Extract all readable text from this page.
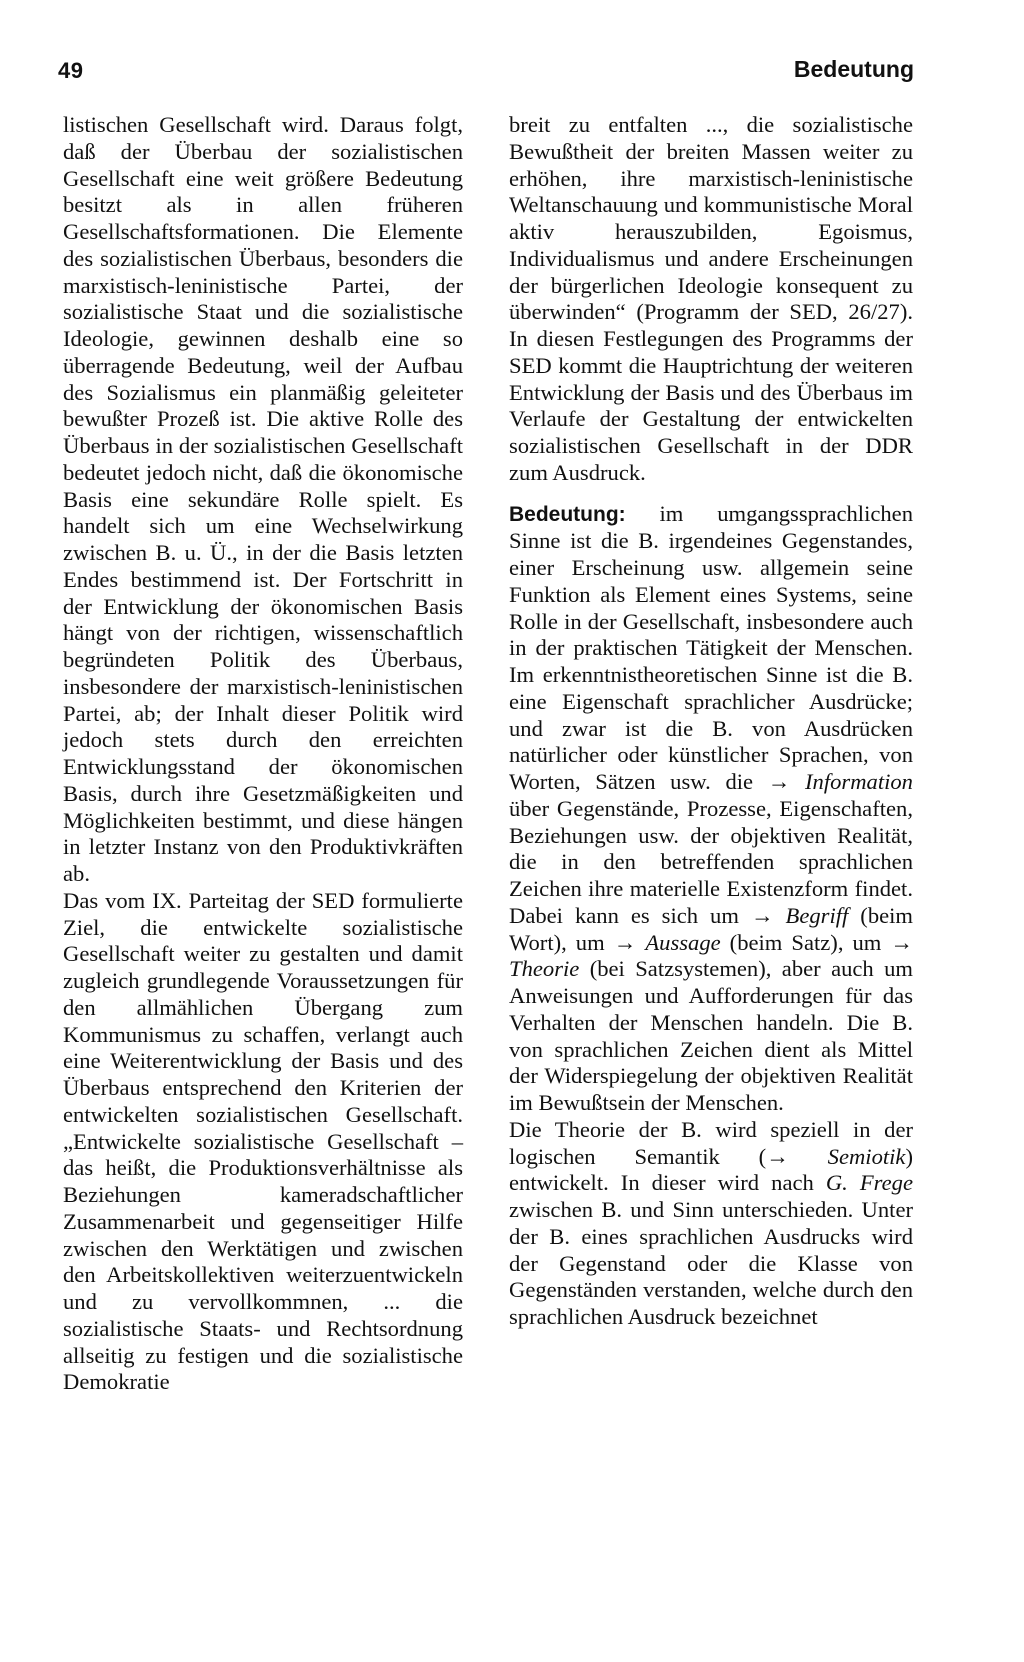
49	Bedeutung

listischen Gesellschaft wird. Daraus folgt, daß der Überbau der sozialistischen Gesellschaft eine weit größere Bedeutung besitzt als in allen früheren Gesellschaftsformationen. Die Elemente des sozialistischen Überbaus, besonders die marxistisch-leninistische Partei, der sozialistische Staat und die sozialistische Ideologie, gewinnen deshalb eine so überragende Bedeutung, weil der Aufbau des Sozialismus ein planmäßig geleiteter bewußter Prozeß ist. Die aktive Rolle des Überbaus in der sozialistischen Gesellschaft bedeutet jedoch nicht, daß die ökonomische Basis eine sekundäre Rolle spielt. Es handelt sich um eine Wechselwirkung zwischen B. u. Ü., in der die Basis letzten Endes bestimmend ist. Der Fortschritt in der Entwicklung der ökonomischen Basis hängt von der richtigen, wissenschaftlich begründeten Politik des Überbaus, insbesondere der marxistisch-leninistischen Partei, ab; der Inhalt dieser Politik wird jedoch stets durch den erreichten Entwicklungsstand der ökonomischen Basis, durch ihre Gesetzmäßigkeiten und Möglichkeiten bestimmt, und diese hängen in letzter Instanz von den Produktivkräften ab.

Das vom IX. Parteitag der SED formulierte Ziel, die entwickelte sozialistische Gesellschaft weiter zu gestalten und damit zugleich grundlegende Voraussetzungen für den allmählichen Übergang zum Kommunismus zu schaffen, verlangt auch eine Weiterentwicklung der Basis und des Überbaus entsprechend den Kriterien der entwickelten sozialistischen Gesellschaft. „Entwickelte sozialistische Gesellschaft – das heißt, die Produktionsverhältnisse als Beziehungen kameradschaftlicher Zusammenarbeit und gegenseitiger Hilfe zwischen den Werktätigen und zwischen den Arbeitskollektiven weiterzuentwickeln und zu vervollkommnen, ... die sozialistische Staats- und Rechtsordnung allseitig zu festigen und die sozialistische Demokratie

breit zu entfalten ..., die sozialistische Bewußtheit der breiten Massen weiter zu erhöhen, ihre marxistisch-leninistische Weltanschauung und kommunistische Moral aktiv herauszubilden, Egoismus, Individualismus und andere Erscheinungen der bürgerlichen Ideologie konsequent zu überwinden“ (Programm der SED, 26/27). In diesen Festlegungen des Programms der SED kommt die Hauptrichtung der weiteren Entwicklung der Basis und des Überbaus im Verlaufe der Gestaltung der entwickelten sozialistischen Gesellschaft in der DDR zum Ausdruck.

Bedeutung: im umgangssprachlichen Sinne ist die B. irgendeines Gegenstandes, einer Erscheinung usw. allgemein seine Funktion als Element eines Systems, seine Rolle in der Gesellschaft, insbesondere auch in der praktischen Tätigkeit der Menschen. Im erkenntnistheoretischen Sinne ist die B. eine Eigenschaft sprachlicher Ausdrücke; und zwar ist die B. von Ausdrücken natürlicher oder künstlicher Sprachen, von Worten, Sätzen usw. die → Information über Gegenstände, Prozesse, Eigenschaften, Beziehungen usw. der objektiven Realität, die in den betreffenden sprachlichen Zeichen ihre materielle Existenzform findet. Dabei kann es sich um → Begriff (beim Wort), um → Aussage (beim Satz), um → Theorie (bei Satzsystemen), aber auch um Anweisungen und Aufforderungen für das Verhalten der Menschen handeln. Die B. von sprachlichen Zeichen dient als Mittel der Widerspiegelung der objektiven Realität im Bewußtsein der Menschen.

Die Theorie der B. wird speziell in der logischen Semantik (→ Semiotik) entwickelt. In dieser wird nach G. Frege zwischen B. und Sinn unterschieden. Unter der B. eines sprachlichen Ausdrucks wird der Gegenstand oder die Klasse von Gegenständen verstanden, welche durch den sprachlichen Ausdruck bezeichnet
